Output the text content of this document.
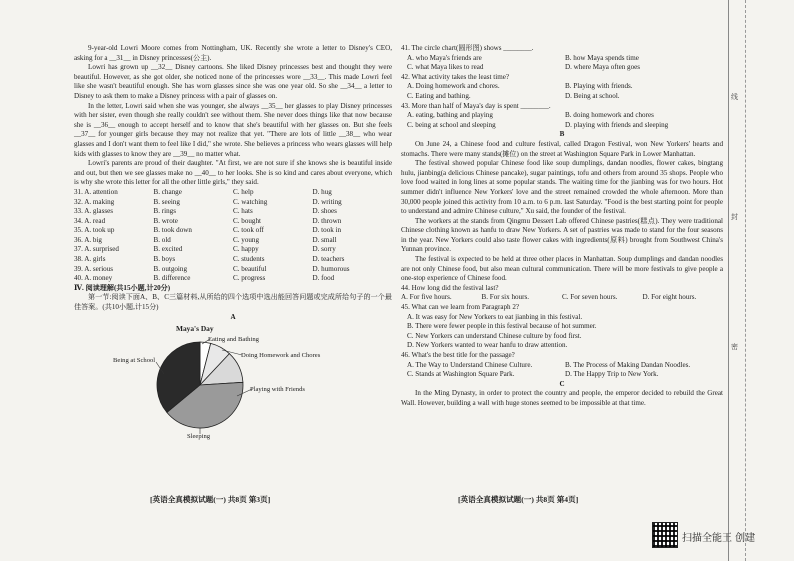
9-year-old Lowri Moore comes from Nottingham, UK. Recently she wrote a letter to Disney's CEO, asking for a __31__ in Disney princesses(公主).

Lowri has grown up __32__ Disney cartoons. She liked Disney princesses best and thought they were beautiful. However, as she got older, she noticed none of the princesses wore __33__. This made Lowri feel like she wasn't beautiful enough. She has worn glasses since she was one year old. So she __34__ a letter to Disney to ask them to make a Disney princess with a pair of glasses on.

In the letter, Lowri said when she was younger, she always __35__ her glasses to play Disney princesses with her sister, even though she really couldn't see without them. She never does things like that now because she is __36__ enough to accept herself and to know that she's beautiful with her glasses on. But she feels __37__ for younger girls because they may not realize that yet. "There are lots of little __38__ who wear glasses and I don't want them to feel like I did," she wrote. She believes a princess who wears glasses will help kids with glasses to know they are __39__ no matter what.

Lowri's parents are proud of their daughter. "At first, we are not sure if she knows she is beautiful inside and out, but then we see glasses make no __40__ to her looks. She is so kind and cares about everyone, which is why she wrote this letter for all the other little girls," they said.

31. A. attention	B. change	C. help	D. hug
32. A. making	B. seeing	C. watching	D. writing
33. A. glasses	B. rings	C. hats	D. shoes
34. A. read	B. wrote	C. bought	D. thrown
35. A. took up	B. took down	C. took off	D. took in
36. A. big	B. old	C. young	D. small
37. A. surprised	B. excited	C. happy	D. sorry
38. A. girls	B. boys	C. students	D. teachers
39. A. serious	B. outgoing	C. beautiful	D. humorous
40. A. money	B. difference	C. progress	D. food

Ⅳ. 阅读理解(共15小题,计20分)

第一节:阅读下面A、B、C三篇材料,从所给的四个选项中选出能回答问题或完成所给句子的一个最佳答案。(共10小题,计15分)

A

Maya's Day
Eating and Bathing
Doing Homework and Chores
Playing with Friends
Sleeping
Being at School
[英语全真模拟试题(一) 共8页 第3页]

41. The circle chart(圆形图) shows ________.

A. who Maya's friends are	B. how Maya spends time
C. what Maya likes to read	D. where Maya often goes

42. What activity takes the least time?

A. Doing homework and chores.	B. Playing with friends.
C. Eating and bathing.	D. Being at school.

43. More than half of Maya's day is spent ________.

A. eating, bathing and playing	B. doing homework and chores
C. being at school and sleeping	D. playing with friends and sleeping

B

On June 24, a Chinese food and culture festival, called Dragon Festival, won New Yorkers' hearts and stomachs. There were many stands(摊位) on the street at Washington Square Park in Lower Manhattan.

The festival showed popular Chinese food like soup dumplings, dandan noodles, flower cakes, bingtang hulu, jianbing(a delicious Chinese pancake), sugar paintings, tofu and others from around 35 shops. People who love food waited in long lines at some popular stands. The waiting time for the jianbing was for two hours. Hot summer didn't influence New Yorkers' love and the street remained crowded the whole afternoon. More than 30,000 people joined this activity from 10 a.m. to 6 p.m. last Saturday. "Food is the best starting point for people to understand and admire Chinese culture," Xu said, the founder of the festival.

The workers at the stands from Qingmu Dessert Lab offered Chinese pastries(糕点). They were traditional Chinese clothing known as hanfu to draw New Yorkers. A set of pastries was made to stand for the four seasons in the year. New Yorkers could also taste flower cakes with ingredients(原料) brought from Southwest China's Yunnan province.

The festival is expected to be held at three other places in Manhattan. Soup dumplings and dandan noodles are not only Chinese food, but also mean cultural communication. There will be more festivals to give people a one-stop experience of Chinese food.

44. How long did the festival last?

A. For five hours.	B. For six hours.	C. For seven hours.	D. For eight hours.

45. What can we learn from Paragraph 2?

A. It was easy for New Yorkers to eat jianbing in this festival.
B. There were fewer people in this festival because of hot summer.
C. New Yorkers can understand Chinese culture by food first.
D. New Yorkers wanted to wear hanfu to draw attention.

46. What's the best title for the passage?

A. The Way to Understand Chinese Culture.	B. The Process of Making Dandan Noodles.
C. Stands at Washington Square Park.	D. The Happy Trip to New York.

C

In the Ming Dynasty, in order to protect the country and people, the emperor decided to rebuild the Great Wall. However, building a wall with huge stones seemed to be impossible at that time.

[英语全真模拟试题(一) 共8页 第4页]
线
封
密
扫描全能王 创建
